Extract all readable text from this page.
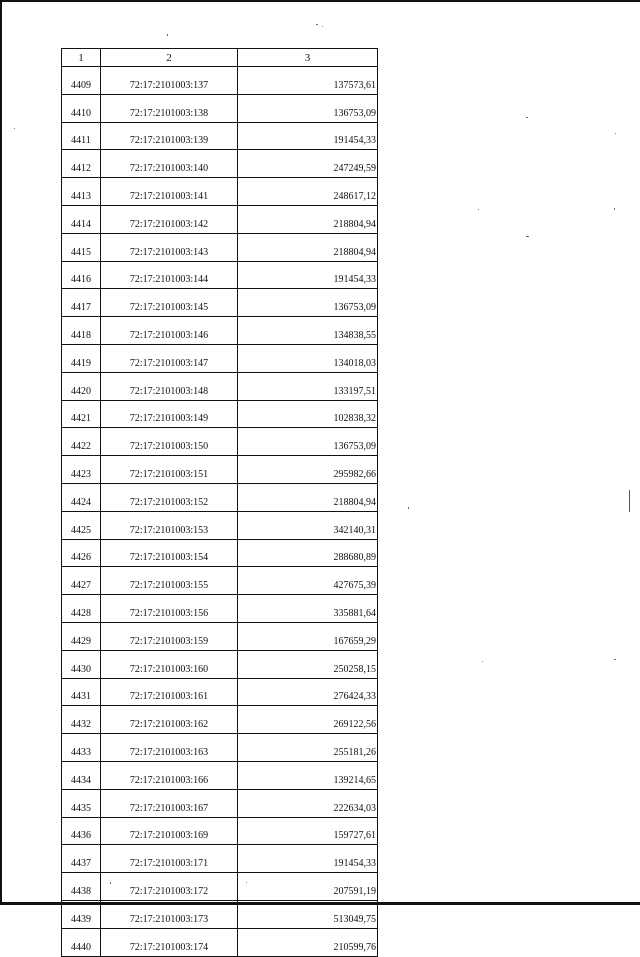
1	2	3
4409	72:17:2101003:137	137573,61
4410	72:17:2101003:138	136753,09
4411	72:17:2101003:139	191454,33
4412	72:17:2101003:140	247249,59
4413	72:17:2101003:141	248617,12
4414	72:17:2101003:142	218804,94
4415	72:17:2101003:143	218804,94
4416	72:17:2101003:144	191454,33
4417	72:17:2101003:145	136753,09
4418	72:17:2101003:146	134838,55
4419	72:17:2101003:147	134018,03
4420	72:17:2101003:148	133197,51
4421	72:17:2101003:149	102838,32
4422	72:17:2101003:150	136753,09
4423	72:17:2101003:151	295982,66
4424	72:17:2101003:152	218804,94
4425	72:17:2101003:153	342140,31
4426	72:17:2101003:154	288680,89
4427	72:17:2101003:155	427675,39
4428	72:17:2101003:156	335881,64
4429	72:17:2101003:159	167659,29
4430	72:17:2101003:160	250258,15
4431	72:17:2101003:161	276424,33
4432	72:17:2101003:162	269122,56
4433	72:17:2101003:163	255181,26
4434	72:17:2101003:166	139214,65
4435	72:17:2101003:167	222634,03
4436	72:17:2101003:169	159727,61
4437	72:17:2101003:171	191454,33
4438	72:17:2101003:172	207591,19
4439	72:17:2101003:173	513049,75
4440	72:17:2101003:174	210599,76
